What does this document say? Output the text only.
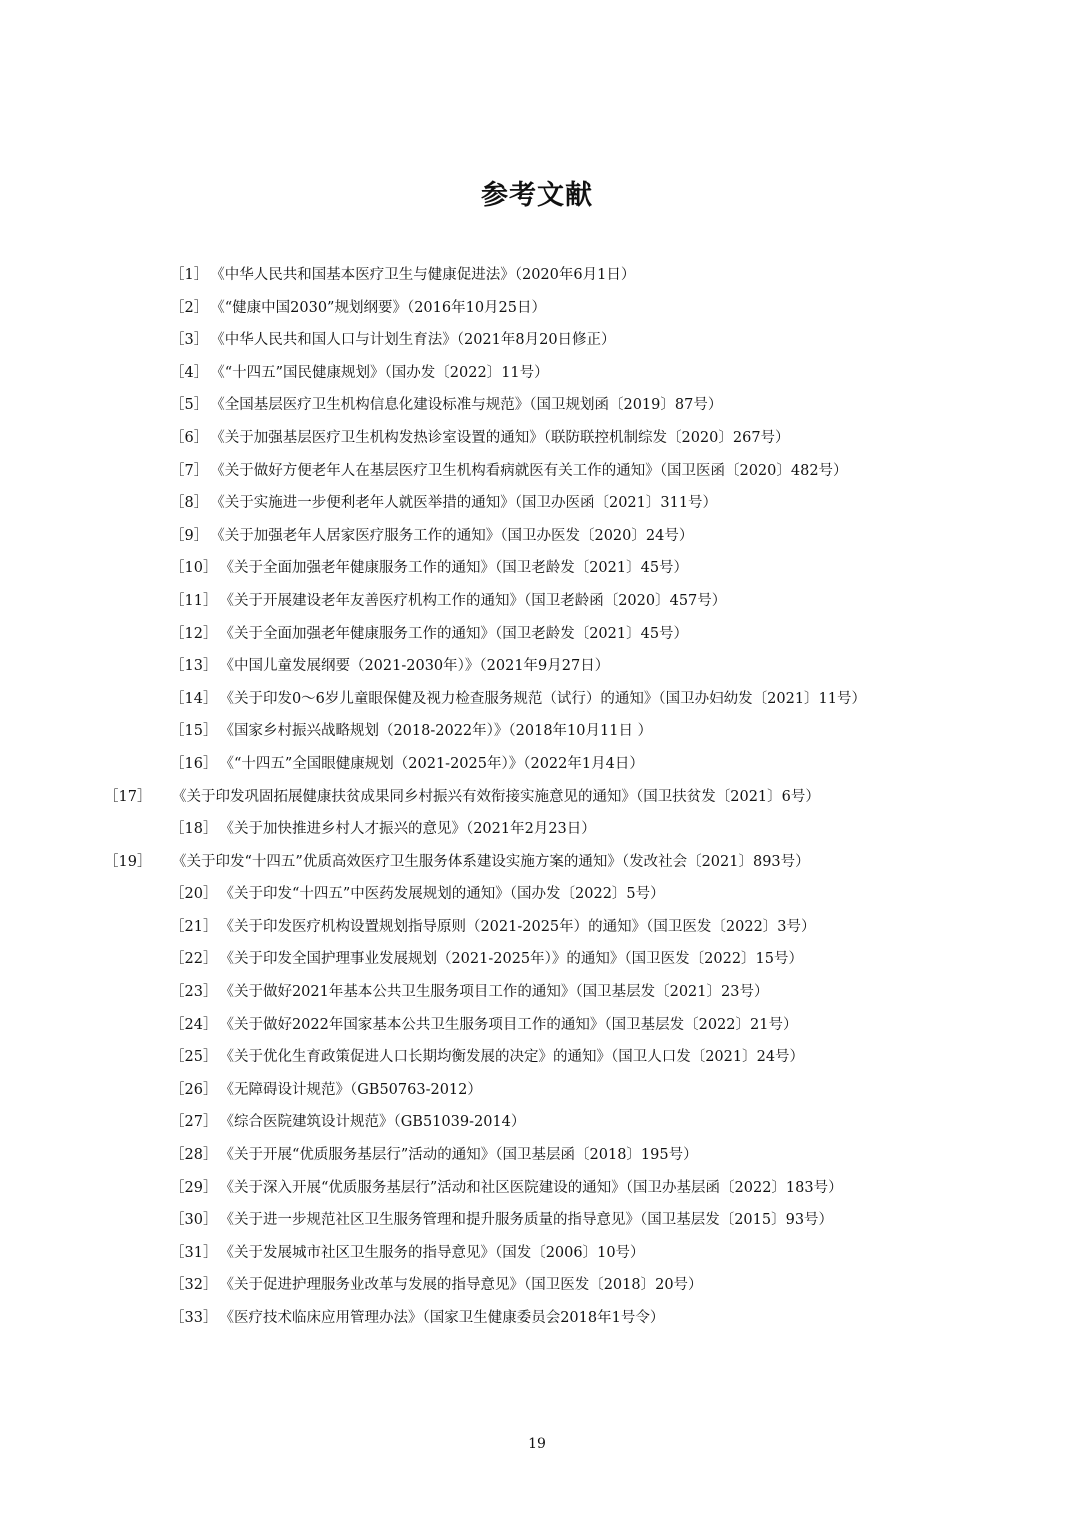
参考文献
［1］ 《中华人民共和国基本医疗卫生与健康促进法》（2020年6月1日）
［2］ 《“健康中国2030”规划纲要》（2016年10月25日）
［3］ 《中华人民共和国人口与计划生育法》（2021年8月20日修正）
［4］ 《“十四五”国民健康规划》（国办发〔2022〕11号）
［5］ 《全国基层医疗卫生机构信息化建设标准与规范》（国卫规划函〔2019〕87号）
［6］ 《关于加强基层医疗卫生机构发热诊室设置的通知》（联防联控机制综发〔2020〕267号）
［7］ 《关于做好方便老年人在基层医疗卫生机构看病就医有关工作的通知》（国卫医函〔2020〕482号）
［8］ 《关于实施进一步便利老年人就医举措的通知》（国卫办医函〔2021〕311号）
［9］ 《关于加强老年人居家医疗服务工作的通知》（国卫办医发〔2020〕24号）
［10］ 《关于全面加强老年健康服务工作的通知》（国卫老龄发〔2021〕45号）
［11］ 《关于开展建设老年友善医疗机构工作的通知》（国卫老龄函〔2020〕457号）
［12］ 《关于全面加强老年健康服务工作的通知》（国卫老龄发〔2021〕45号）
［13］ 《中国儿童发展纲要（2021-2030年）》（2021年9月27日）
［14］ 《关于印发0～6岁儿童眼保健及视力检查服务规范（试行）的通知》（国卫办妇幼发〔2021〕11号）
［15］ 《国家乡村振兴战略规划（2018-2022年）》（2018年10月11日 ）
［16］ 《“十四五”全国眼健康规划（2021-2025年）》（2022年1月4日）
［17］ 《关于印发巩固拓展健康扶贫成果同乡村振兴有效衔接实施意见的通知》（国卫扶贫发〔2021〕6号）
［18］ 《关于加快推进乡村人才振兴的意见》（2021年2月23日）
［19］ 《关于印发“十四五”优质高效医疗卫生服务体系建设实施方案的通知》（发改社会〔2021〕893号）
［20］ 《关于印发“十四五”中医药发展规划的通知》（国办发〔2022〕5号）
［21］ 《关于印发医疗机构设置规划指导原则（2021-2025年）的通知》（国卫医发〔2022〕3号）
［22］ 《关于印发全国护理事业发展规划（2021-2025年）》的通知》（国卫医发〔2022〕15号）
［23］ 《关于做好2021年基本公共卫生服务项目工作的通知》（国卫基层发〔2021〕23号）
［24］ 《关于做好2022年国家基本公共卫生服务项目工作的通知》（国卫基层发〔2022〕21号）
［25］ 《关于优化生育政策促进人口长期均衡发展的决定》的通知》（国卫人口发〔2021〕24号）
［26］ 《无障碍设计规范》（GB50763-2012）
［27］ 《综合医院建筑设计规范》（GB51039-2014）
［28］ 《关于开展“优质服务基层行”活动的通知》（国卫基层函〔2018〕195号）
［29］ 《关于深入开展“优质服务基层行”活动和社区医院建设的通知》（国卫办基层函〔2022〕183号）
［30］ 《关于进一步规范社区卫生服务管理和提升服务质量的指导意见》（国卫基层发〔2015〕93号）
［31］ 《关于发展城市社区卫生服务的指导意见》（国发〔2006〕10号）
［32］ 《关于促进护理服务业改革与发展的指导意见》（国卫医发〔2018〕20号）
［33］ 《医疗技术临床应用管理办法》（国家卫生健康委员会2018年1号令）
19
